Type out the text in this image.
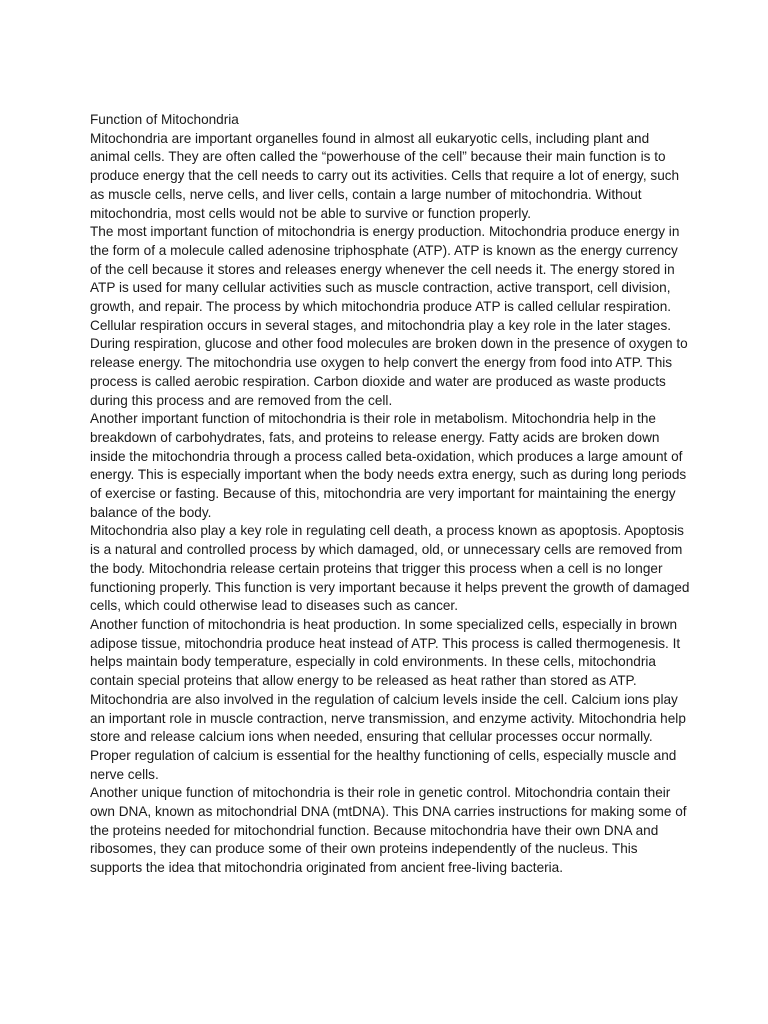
Function of Mitochondria

Mitochondria are important organelles found in almost all eukaryotic cells, including plant and animal cells. They are often called the “powerhouse of the cell” because their main function is to produce energy that the cell needs to carry out its activities. Cells that require a lot of energy, such as muscle cells, nerve cells, and liver cells, contain a large number of mitochondria. Without mitochondria, most cells would not be able to survive or function properly.

The most important function of mitochondria is energy production. Mitochondria produce energy in the form of a molecule called adenosine triphosphate (ATP). ATP is known as the energy currency of the cell because it stores and releases energy whenever the cell needs it. The energy stored in ATP is used for many cellular activities such as muscle contraction, active transport, cell division, growth, and repair. The process by which mitochondria produce ATP is called cellular respiration.

Cellular respiration occurs in several stages, and mitochondria play a key role in the later stages. During respiration, glucose and other food molecules are broken down in the presence of oxygen to release energy. The mitochondria use oxygen to help convert the energy from food into ATP. This process is called aerobic respiration. Carbon dioxide and water are produced as waste products during this process and are removed from the cell.

Another important function of mitochondria is their role in metabolism. Mitochondria help in the breakdown of carbohydrates, fats, and proteins to release energy. Fatty acids are broken down inside the mitochondria through a process called beta-oxidation, which produces a large amount of energy. This is especially important when the body needs extra energy, such as during long periods of exercise or fasting. Because of this, mitochondria are very important for maintaining the energy balance of the body.

Mitochondria also play a key role in regulating cell death, a process known as apoptosis. Apoptosis is a natural and controlled process by which damaged, old, or unnecessary cells are removed from the body. Mitochondria release certain proteins that trigger this process when a cell is no longer functioning properly. This function is very important because it helps prevent the growth of damaged cells, which could otherwise lead to diseases such as cancer.

Another function of mitochondria is heat production. In some specialized cells, especially in brown adipose tissue, mitochondria produce heat instead of ATP. This process is called thermogenesis. It helps maintain body temperature, especially in cold environments. In these cells, mitochondria contain special proteins that allow energy to be released as heat rather than stored as ATP.

Mitochondria are also involved in the regulation of calcium levels inside the cell. Calcium ions play an important role in muscle contraction, nerve transmission, and enzyme activity. Mitochondria help store and release calcium ions when needed, ensuring that cellular processes occur normally. Proper regulation of calcium is essential for the healthy functioning of cells, especially muscle and nerve cells.

Another unique function of mitochondria is their role in genetic control. Mitochondria contain their own DNA, known as mitochondrial DNA (mtDNA). This DNA carries instructions for making some of the proteins needed for mitochondrial function. Because mitochondria have their own DNA and ribosomes, they can produce some of their own proteins independently of the nucleus. This supports the idea that mitochondria originated from ancient free-living bacteria.
